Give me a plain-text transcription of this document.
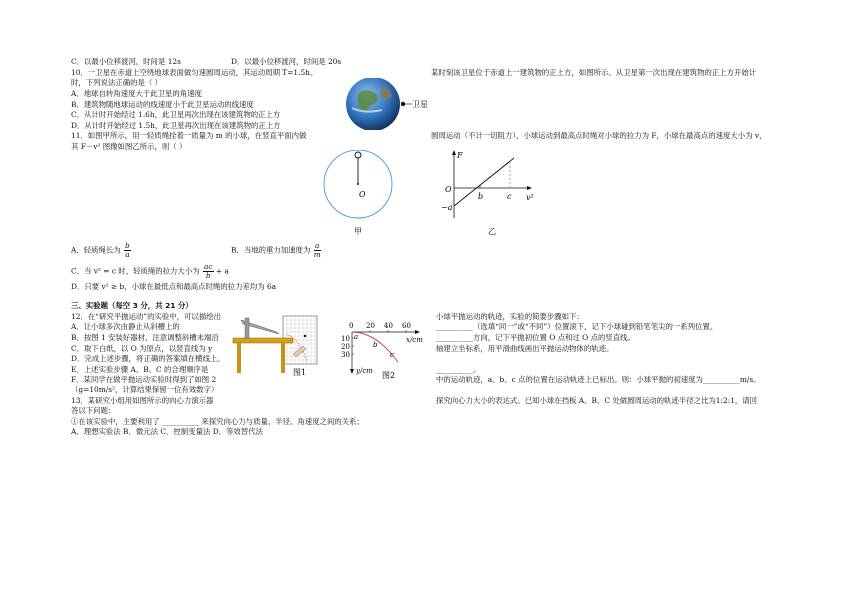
C．以最小位移渡河，时间是 12s	D．以最小位移渡河，时间是 20s
10．一卫星在赤道上空绕地球表面做匀速圆周运动，其运动周期 T=1.5h。	某时刻该卫星位于赤道上一建筑物的正上方，如图所示。从卫星第一次出现在建筑物的正上方开始计
时，下列说法正确的是（ ）
A．地球自转角速度大于此卫星的角速度
B．建筑物随地球运动的线速度小于此卫星运动的线速度
C．从计时开始经过 1.6h，此卫星再次出现在该建筑物的正上方
D．从计时开始经过 1.5h，此卫星再次出现在该建筑物的正上方
卫星
11．如图甲所示，用一轻质绳拴着一质量为 m 的小球，在竖直平面内做	圆周运动（不计一切阻力），小球运动到最高点时绳对小球的拉力为 F，小球在最高点的速度大小为 v，
其 F－v² 图像如图乙所示，则（ ）
O
甲
F
O
−a
b	c v²
乙
A．轻质绳长为 $\frac{b}{a}$	B．当地的重力加速度为 $\frac{a}{m}$
C．当 v² = c 时，轻质绳的拉力大小为 $\frac{ac}{b} + a$
D．只要 v² ≥ b，小球在最低点和最高点时绳的拉力差均为 6a
三、实验题（每空 3 分，共 21 分）
12．在“研究平抛运动”的实验中，可以描绘出	小球平抛运动的轨迹，实验的简要步骤如下：
A．让小球多次由静止从斜槽上的	__________（选填“同一”或“不同”）位置滚下，记下小球碰到铅笔笔尖的一系列位置。
B．按图 1 安装好器材，注意调整斜槽末端沿	__________方向，记下平抛初位置 O 点和过 O 点的竖直线。
C．取下白纸，以 O 为原点，以竖直线为 y	轴建立坐标系，用平滑曲线画出平抛运动物体的轨迹。
D．完成上述步骤，将正确的答案填在横线上。
E．上述实验步骤 A、B、C 的合理顺序是	__________。
F．某同学在做平抛运动实验时得到了如图 2	中的运动轨迹，a、b、c 点的位置在运动轨迹上已标出。则：小球平抛的初速度为__________m/s。
（g=10m/s²，计算结果保留一位有效数字）
图1
0 20 40 60
10
20
30
a
b
c
x/cm
y/cm 图2
13．某研究小组用如图所示的向心力演示器	探究向心力大小的表达式。已知小球在挡板 A、B、C 处做圆周运动的轨迹半径之比为1:2:1，请回
答以下问题：
①在该实验中，主要利用了 __________ 来探究向心力与质量、半径、角速度之间的关系；
A．理想实验法 B．微元法 C．控制变量法 D．等效替代法
